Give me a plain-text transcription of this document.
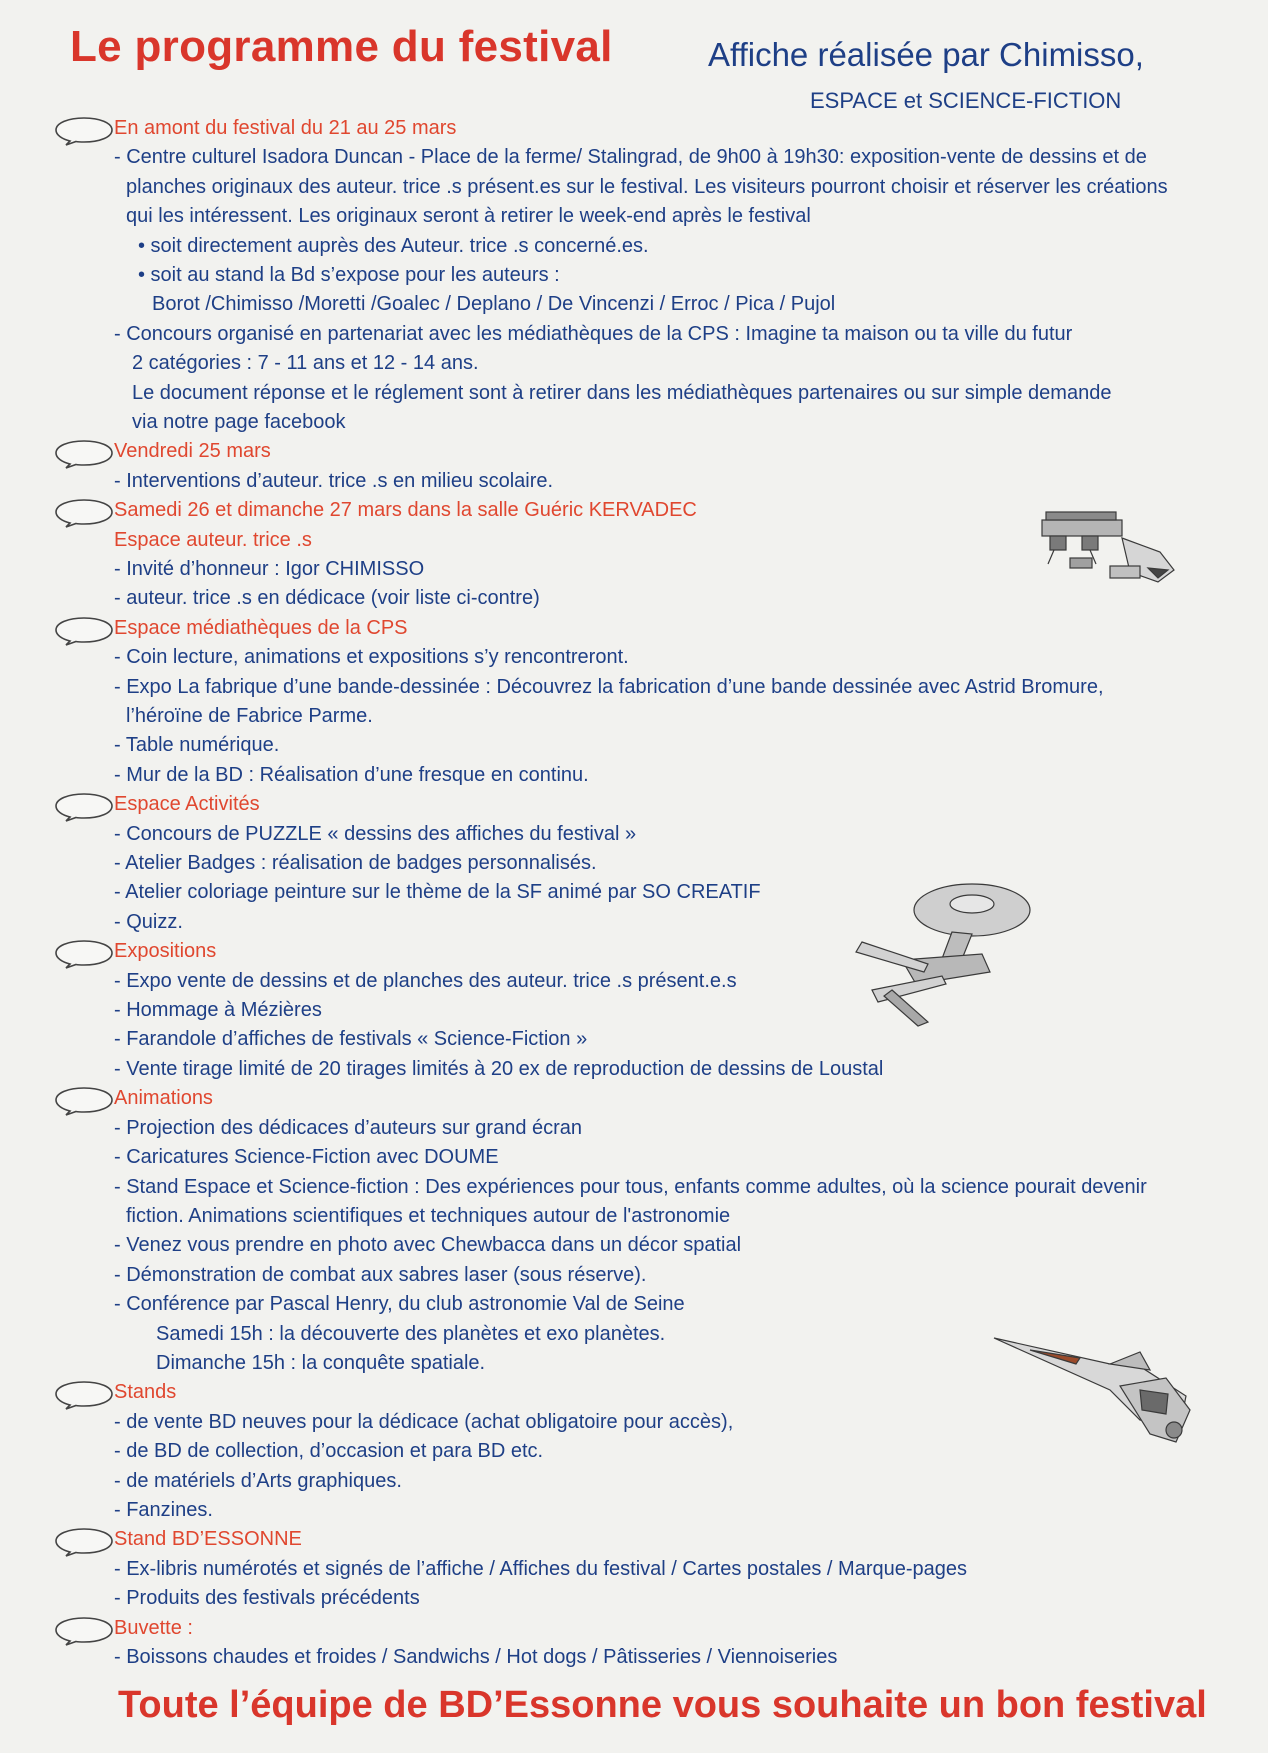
Le programme du festival	Affiche réalisée par Chimisso,
ESPACE et SCIENCE-FICTION
En amont du festival du 21 au 25 mars
- Centre culturel Isadora Duncan - Place de la ferme/ Stalingrad, de 9h00 à 19h30: exposition-vente de dessins et de
planches originaux des auteur. trice .s présent.es sur le festival. Les visiteurs pourront choisir et réserver les créations
qui les intéressent. Les originaux seront à retirer le week-end après le festival
• soit directement auprès des Auteur. trice .s concerné.es.
• soit au stand la Bd s’expose pour les auteurs :
Borot /Chimisso /Moretti /Goalec / Deplano / De Vincenzi / Erroc / Pica / Pujol
- Concours organisé en partenariat avec les médiathèques de la CPS : Imagine ta maison ou ta ville du futur
2 catégories : 7 - 11 ans et 12 - 14 ans.
Le document réponse et le réglement sont à retirer dans les médiathèques partenaires ou sur simple demande
via notre page facebook
Vendredi 25 mars
- Interventions d’auteur. trice .s en milieu scolaire.
Samedi 26 et dimanche 27 mars dans la salle Guéric KERVADEC
Espace auteur. trice .s
- Invité d’honneur : Igor CHIMISSO
- auteur. trice .s en dédicace (voir liste ci-contre)
Espace médiathèques de la CPS
- Coin lecture, animations et expositions s’y rencontreront.
- Expo La fabrique d’une bande-dessinée : Découvrez la fabrication d’une bande dessinée avec Astrid Bromure,
l’héroïne de Fabrice Parme.
- Table numérique.
- Mur de la BD : Réalisation d’une fresque en continu.
Espace Activités
- Concours de PUZZLE « dessins des affiches du festival »
- Atelier Badges : réalisation de badges personnalisés.
- Atelier coloriage peinture sur le thème de la SF animé par SO CREATIF
- Quizz.
Expositions
- Expo vente de dessins et de planches des auteur. trice .s présent.e.s
- Hommage à Mézières
- Farandole d’affiches de festivals « Science-Fiction »
- Vente tirage limité de 20 tirages limités à 20 ex de reproduction de dessins de Loustal
Animations
- Projection des dédicaces d’auteurs sur grand écran
- Caricatures Science-Fiction avec DOUME
- Stand Espace et Science-fiction : Des expériences pour tous, enfants comme adultes, où la science pourait devenir
fiction. Animations scientifiques et techniques autour de l'astronomie
- Venez vous prendre en photo avec Chewbacca dans un décor spatial
- Démonstration de combat aux sabres laser (sous réserve).
- Conférence par Pascal Henry, du club astronomie Val de Seine
Samedi 15h : la découverte des planètes et exo planètes.
Dimanche 15h : la conquête spatiale.
Stands
- de vente BD neuves pour la dédicace (achat obligatoire pour accès),
- de BD de collection, d’occasion et para BD etc.
- de matériels d’Arts graphiques.
- Fanzines.
Stand BD’ESSONNE
- Ex-libris numérotés et signés de l’affiche / Affiches du festival / Cartes postales / Marque-pages
- Produits des festivals précédents
Buvette :
- Boissons chaudes et froides / Sandwichs / Hot dogs / Pâtisseries / Viennoiseries
Toute l’équipe de BD’Essonne vous souhaite un bon festival
